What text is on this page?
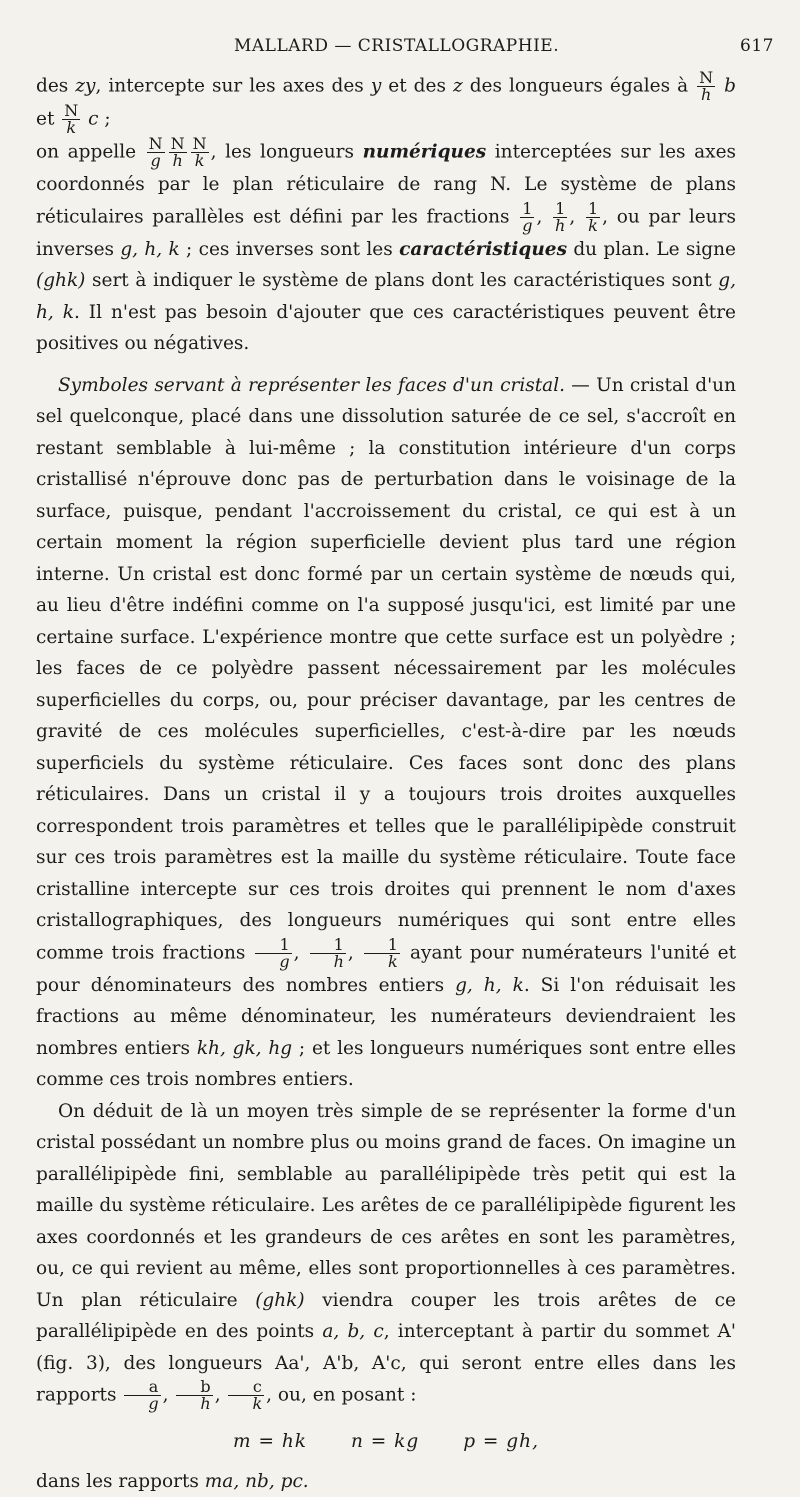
MALLARD — CRISTALLOGRAPHIE.	617

des zy, intercepte sur les axes des y et des z des longueurs égales à $\frac{N}{h}$ b et $\frac{N}{k}$ c ;

on appelle $\frac{N}{g} \frac{N}{h} \frac{N}{k}$ , les longueurs numériques interceptées sur les axes coordonnés par le plan réticulaire de rang N. Le système de plans réticulaires parallèles est défini par les fractions $\frac{1}{g}$ , $\frac{1}{h}$ , $\frac{1}{k}$ , ou par leurs inverses g, h, k ; ces inverses sont les caractéristiques du plan. Le signe (ghk) sert à indiquer le système de plans dont les caractéristiques sont g, h, k. Il n'est pas besoin d'ajouter que ces caractéristiques peuvent être positives ou négatives.

Symboles servant à représenter les faces d'un cristal. — Un cristal d'un sel quelconque, placé dans une dissolution saturée de ce sel, s'accroît en restant semblable à lui-même ; la constitution intérieure d'un corps cristallisé n'éprouve donc pas de perturbation dans le voisinage de la surface, puisque, pendant l'accroissement du cristal, ce qui est à un certain moment la région superficielle devient plus tard une région interne. Un cristal est donc formé par un certain système de nœuds qui, au lieu d'être indéfini comme on l'a supposé jusqu'ici, est limité par une certaine surface. L'expérience montre que cette surface est un polyèdre ; les faces de ce polyèdre passent nécessairement par les molécules superficielles du corps, ou, pour préciser davantage, par les centres de gravité de ces molécules superficielles, c'est-à-dire par les nœuds superficiels du système réticulaire. Ces faces sont donc des plans réticulaires. Dans un cristal il y a toujours trois droites auxquelles correspondent trois paramètres et telles que le parallélipipède construit sur ces trois paramètres est la maille du système réticulaire. Toute face cristalline intercepte sur ces trois droites qui prennent le nom d'axes cristallographiques, des longueurs numériques qui sont entre elles comme trois fractions $\frac{1}{g}$ , $\frac{1}{h}$ , $\frac{1}{k}$ ayant pour numérateurs l'unité et pour dénominateurs des nombres entiers g, h, k. Si l'on réduisait les fractions au même dénominateur, les numérateurs deviendraient les nombres entiers kh, gk, hg ; et les longueurs numériques sont entre elles comme ces trois nombres entiers.

On déduit de là un moyen très simple de se représenter la forme d'un cristal possédant un nombre plus ou moins grand de faces. On imagine un parallélipipède fini, semblable au parallélipipède très petit qui est la maille du système réticulaire. Les arêtes de ce parallélipipède figurent les axes coordonnés et les grandeurs de ces arêtes en sont les paramètres, ou, ce qui revient au même, elles sont proportionnelles à ces paramètres. Un plan réticulaire (ghk) viendra couper les trois arêtes de ce parallélipipède en des points a, b, c, interceptant à partir du sommet A' (fig. 3), des longueurs Aa', A'b, A'c, qui seront entre elles dans les rapports $\frac{a}{g}$ , $\frac{b}{h}$ , $\frac{c}{k}$ , ou, en posant :

m = hk n = kg p = gh,

dans les rapports ma, nb, pc.
